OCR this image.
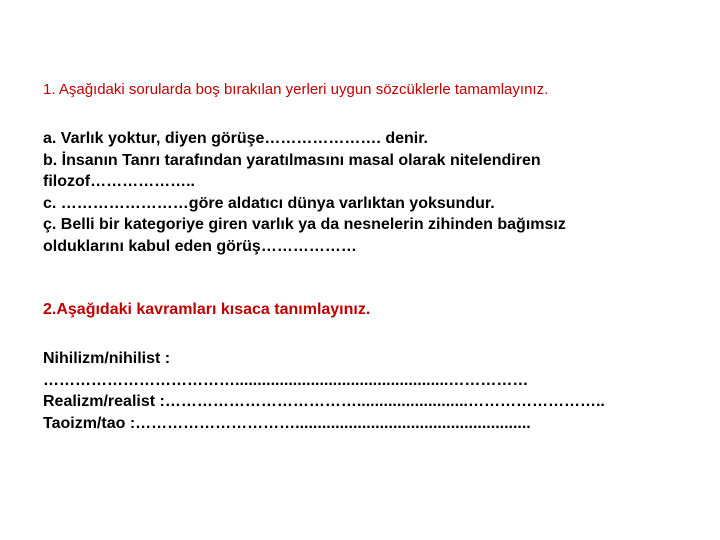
1. Aşağıdaki sorularda boş bırakılan yerleri uygun sözcüklerle tamamlayınız.
a. Varlık yoktur, diyen görüşe…………………. denir.
b. İnsanın Tanrı tarafından yaratılmasını masal olarak nitelendiren
filozof………………..
c. ……………………göre aldatıcı dünya varlıktan yoksundur.
ç. Belli bir kategoriye giren varlık ya da nesnelerin zihinden bağımsız
olduklarını kabul eden görüş………………
2.Aşağıdaki kavramları kısaca tanımlayınız.
Nihilizm/nihilist :
………………………………................................................……………
Realizm/realist :……………………………….........................……………………..
Taoizm/tao :………………………….....................................................
